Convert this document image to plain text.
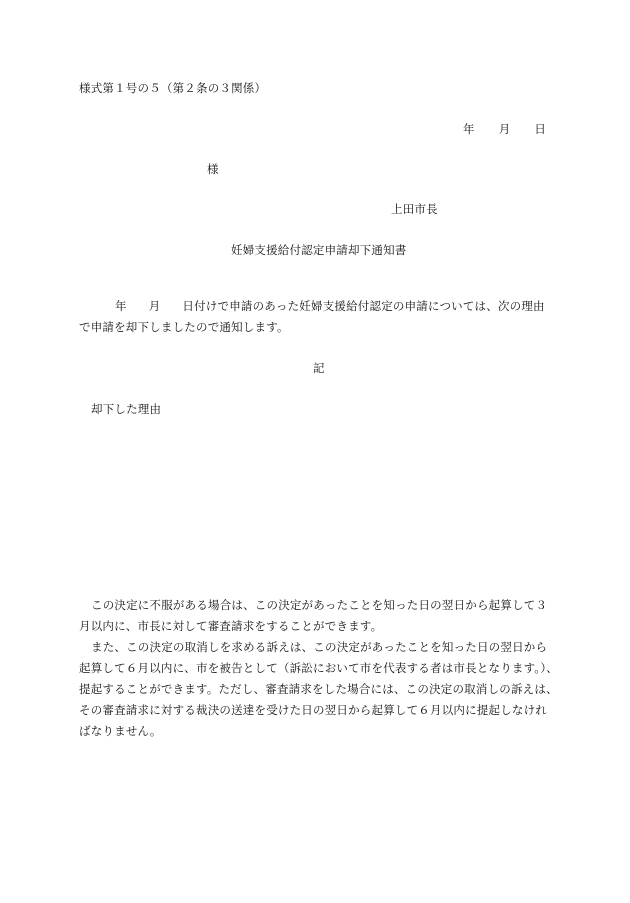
様式第１号の５（第２条の３関係）
年 月 日
様
上田市長
妊婦支援給付認定申請却下通知書
年 月 日付けで申請のあった妊婦支援給付認定の申請については、次の理由
で申請を却下しましたので通知します。
記
却下した理由
この決定に不服がある場合は、この決定があったことを知った日の翌日から起算して３
月以内に、市長に対して審査請求をすることができます。
また、この決定の取消しを求める訴えは、この決定があったことを知った日の翌日から
起算して６月以内に、市を被告として（訴訟において市を代表する者は市長となります。）、
提起することができます。ただし、審査請求をした場合には、この決定の取消しの訴えは、
その審査請求に対する裁決の送達を受けた日の翌日から起算して６月以内に提起しなけれ
ばなりません。
